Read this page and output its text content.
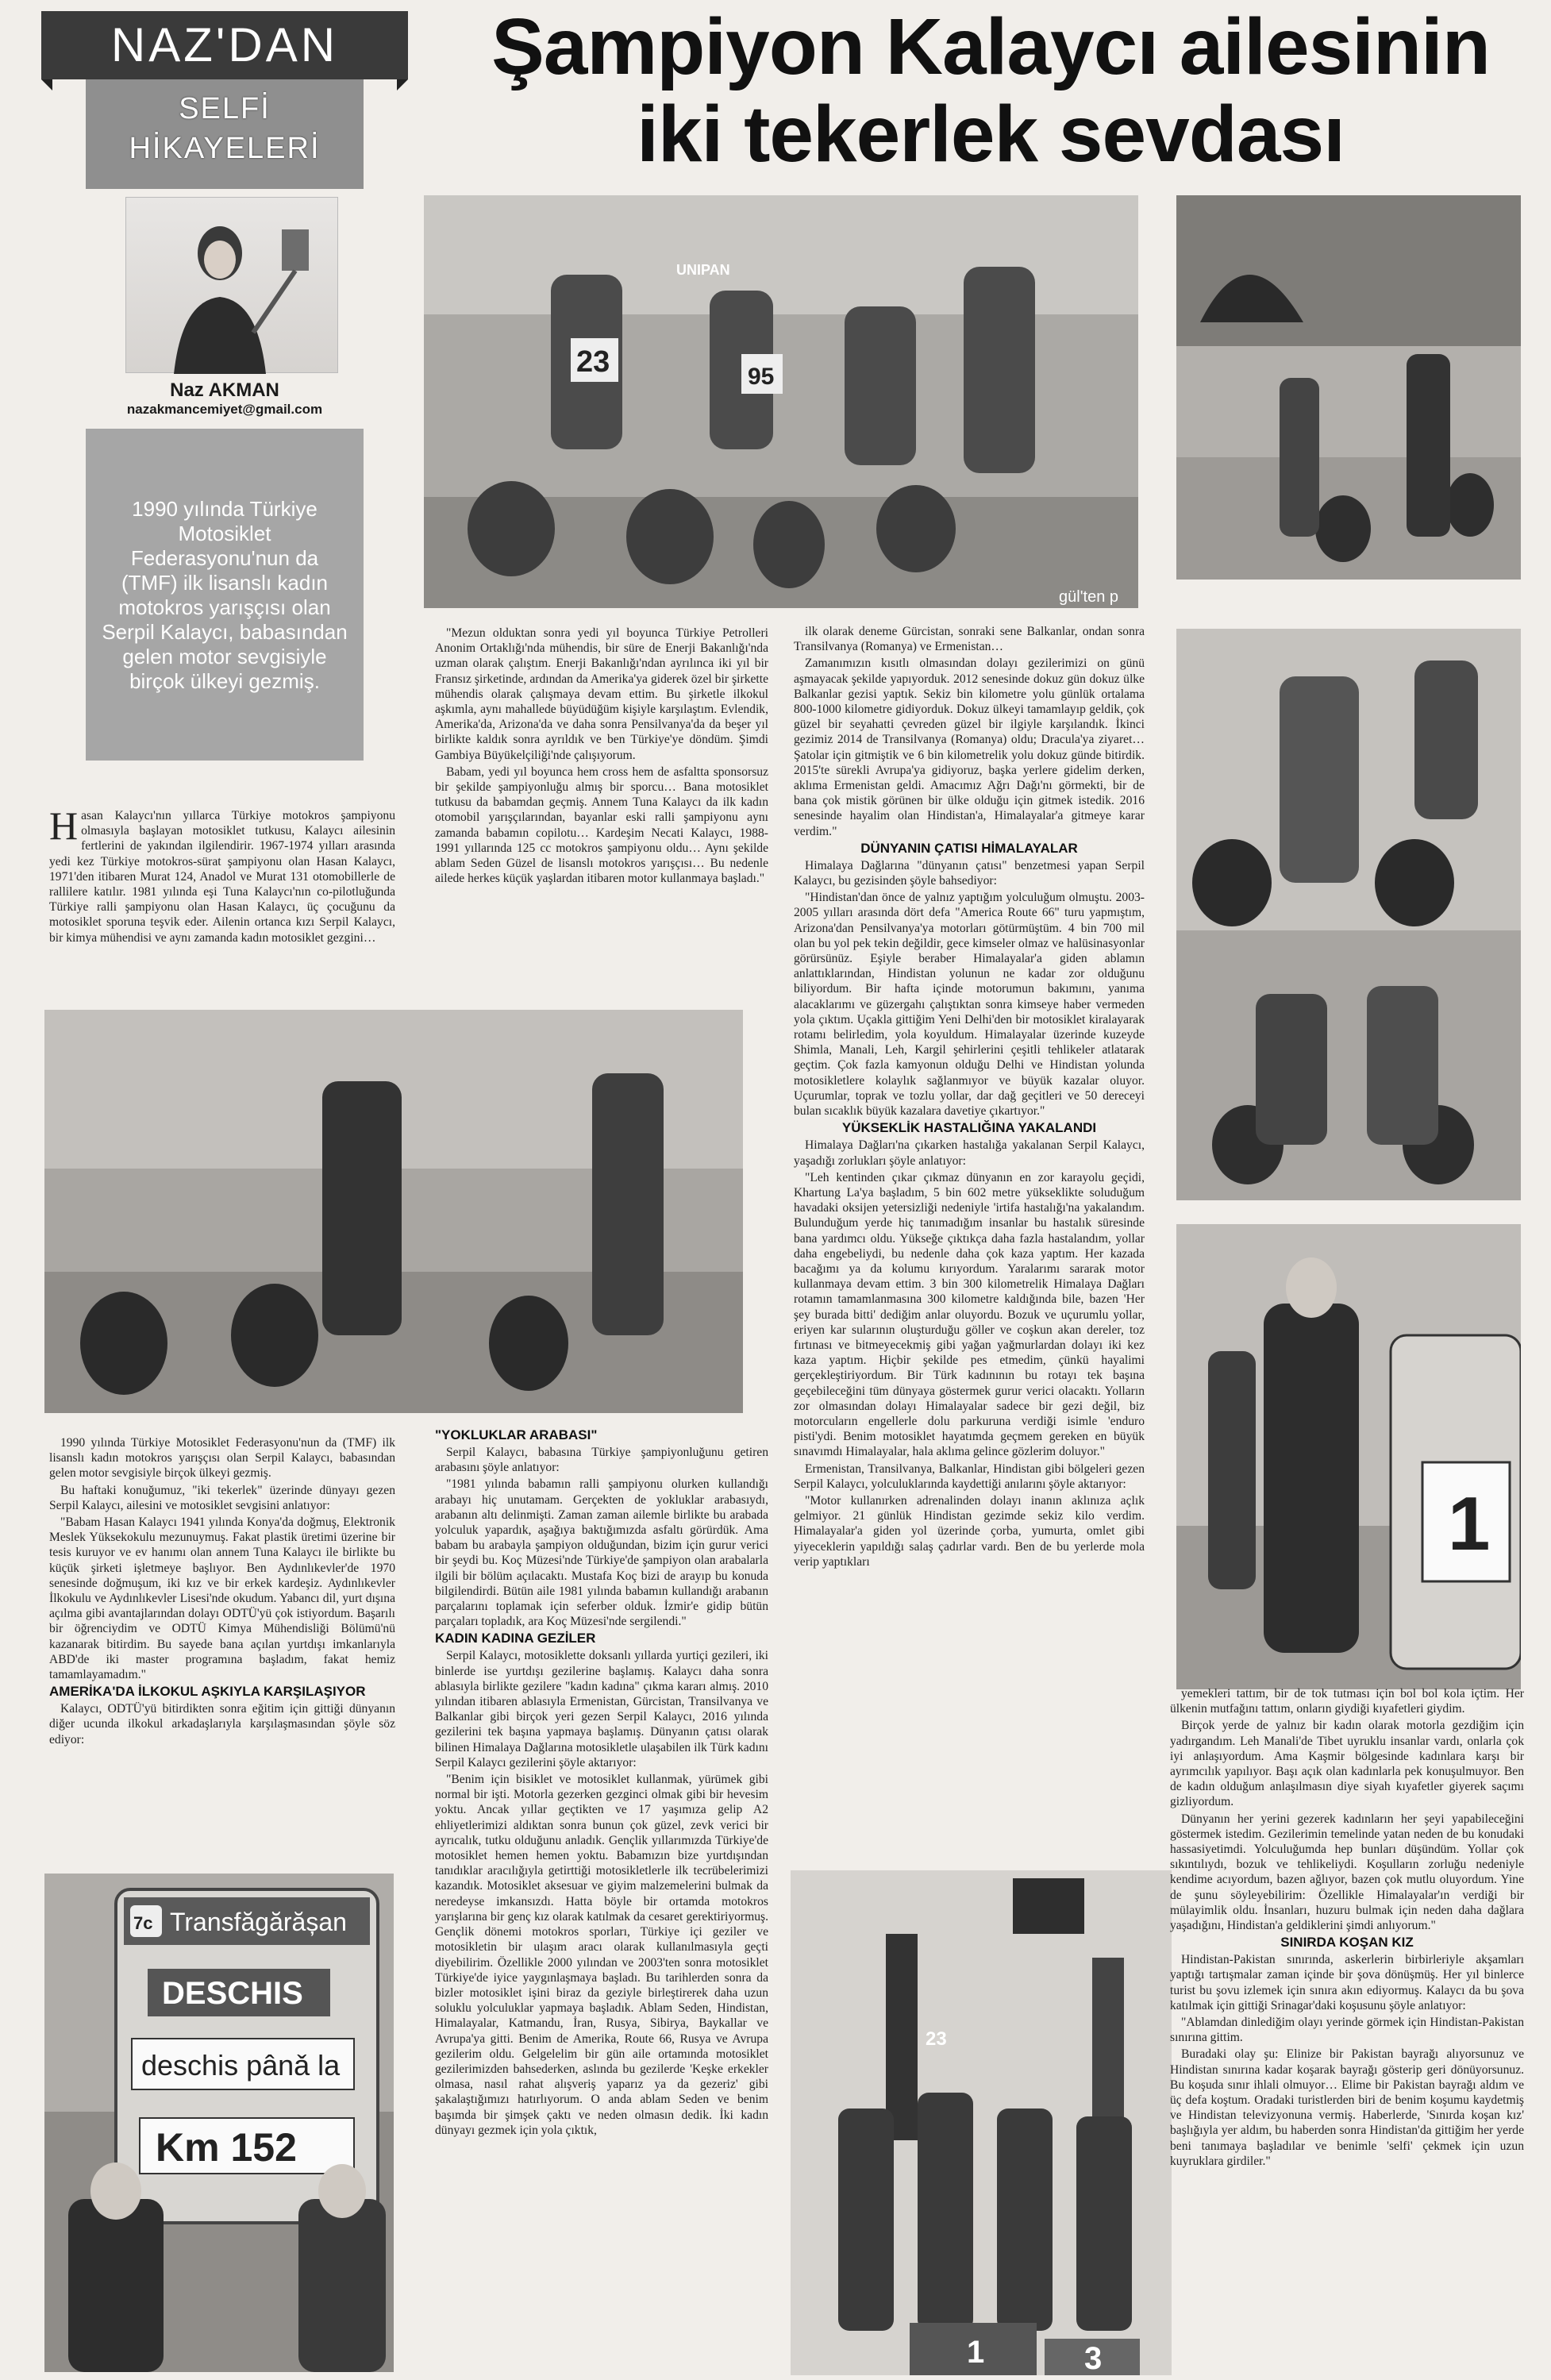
NAZ'DAN
SELFİ
HİKAYELERİ
Naz AKMAN
nazakmancemiyet@gmail.com
1990 yılında Türkiye Motosiklet Federasyonu'nun da (TMF) ilk lisanslı kadın motokros yarışçısı olan Serpil Kalaycı, babasından gelen motor sevgisiyle birçok ülkeyi gezmiş.
Şampiyon Kalaycı ailesinin
iki tekerlek sevdası
23
UNIPAN
95
gül'ten p
7c Transfăgărășan
DESCHIS
deschis pânǎ la
Km 152
23
1	3
1

Hasan Kalaycı'nın yıllarca Türkiye motokros şampiyonu olmasıyla başlayan motosiklet tutkusu, Kalaycı ailesinin fertlerini de yakından ilgilendirir. 1967-1974 yılları arasında yedi kez Türkiye motokros-sürat şampiyonu olan Hasan Kalaycı, 1971'den itibaren Murat 124, Anadol ve Murat 131 otomobillerle de rallilere katılır. 1981 yılında eşi Tuna Kalaycı'nın co-pilotluğunda Türkiye ralli şampiyonu olan Hasan Kalaycı, üç çocuğunu da motosiklet sporuna teşvik eder. Ailenin ortanca kızı Serpil Kalaycı, bir kimya mühendisi ve aynı zamanda kadın motosiklet gezgini…

1990 yılında Türkiye Motosiklet Federasyonu'nun da (TMF) ilk lisanslı kadın motokros yarışçısı olan Serpil Kalaycı, babasından gelen motor sevgisiyle birçok ülkeyi gezmiş.

Bu haftaki konuğumuz, "iki tekerlek" üzerinde dünyayı gezen Serpil Kalaycı, ailesini ve motosiklet sevgisini anlatıyor:

"Babam Hasan Kalaycı 1941 yılında Konya'da doğmuş, Elektronik Meslek Yüksekokulu mezunuymuş. Fakat plastik üretimi üzerine bir tesis kuruyor ve ev hanımı olan annem Tuna Kalaycı ile birlikte bu küçük şirketi işletmeye başlıyor. Ben Aydınlıkevler'de 1970 senesinde doğmuşum, iki kız ve bir erkek kardeşiz. Aydınlıkevler İlkokulu ve Aydınlıkevler Lisesi'nde okudum. Yabancı dil, yurt dışına açılma gibi avantajlarından dolayı ODTÜ'yü çok istiyordum. Başarılı bir öğrenciydim ve ODTÜ Kimya Mühendisliği Bölümü'nü kazanarak bitirdim. Bu sayede bana açılan yurtdışı imkanlarıyla ABD'de iki master programına başladım, fakat hemiz tamamlayamadım."

AMERİKA'DA İLKOKUL AŞKIYLA KARŞILAŞIYOR

Kalaycı, ODTÜ'yü bitirdikten sonra eğitim için gittiği dünyanın diğer ucunda ilkokul arkadaşlarıyla karşılaşmasından şöyle söz ediyor:

"Mezun olduktan sonra yedi yıl boyunca Türkiye Petrolleri Anonim Ortaklığı'nda mühendis, bir süre de Enerji Bakanlığı'nda uzman olarak çalıştım. Enerji Bakanlığı'ndan ayrılınca iki yıl bir Fransız şirketinde, ardından da Amerika'ya giderek özel bir şirkette mühendis olarak çalışmaya devam ettim. Bu şirketle ilkokul aşkımla, aynı mahallede büyüdüğüm kişiyle karşılaştım. Evlendik, Amerika'da, Arizona'da ve daha sonra Pensilvanya'da da beşer yıl birlikte kaldık sonra ayrıldık ve ben Türkiye'ye döndüm. Şimdi Gambiya Büyükelçiliği'nde çalışıyorum.

Babam, yedi yıl boyunca hem cross hem de asfaltta sponsorsuz bir şekilde şampiyonluğu almış bir sporcu… Bana motosiklet tutkusu da babamdan geçmiş. Annem Tuna Kalaycı da ilk kadın otomobil yarışçılarından, bayanlar eski ralli şampiyonu aynı zamanda babamın copilotu… Kardeşim Necati Kalaycı, 1988-1991 yıllarında 125 cc motokros şampiyonu oldu… Aynı şekilde ablam Seden Güzel de lisanslı motokros yarışçısı… Bu nedenle ailede herkes küçük yaşlardan itibaren motor kullanmaya başladı."

"YOKLUKLAR ARABASI"

Serpil Kalaycı, babasına Türkiye şampiyonluğunu getiren arabasını şöyle anlatıyor:

"1981 yılında babamın ralli şampiyonu olurken kullandığı arabayı hiç unutamam. Gerçekten de yokluklar arabasıydı, arabanın altı delinmişti. Zaman zaman ailemle birlikte bu arabada yolculuk yapardık, aşağıya baktığımızda asfaltı görürdük. Ama babam bu arabayla şampiyon olduğundan, bizim için gurur verici bir şeydi bu. Koç Müzesi'nde Türkiye'de şampiyon olan arabalarla ilgili bir bölüm açılacaktı. Mustafa Koç bizi de arayıp bu konuda bilgilendirdi. Bütün aile 1981 yılında babamın kullandığı arabanın parçalarını toplamak için seferber olduk. İzmir'e gidip bütün parçaları topladık, ara Koç Müzesi'nde sergilendi."

KADIN KADINA GEZİLER

Serpil Kalaycı, motosiklette doksanlı yıllarda yurtiçi gezileri, iki binlerde ise yurtdışı gezilerine başlamış. Kalaycı daha sonra ablasıyla birlikte gezilere "kadın kadına" çıkma kararı almış. 2010 yılından itibaren ablasıyla Ermenistan, Gürcistan, Transilvanya ve Balkanlar gibi birçok yeri gezen Serpil Kalaycı, 2016 yılında gezilerini tek başına yapmaya başlamış. Dünyanın çatısı olarak bilinen Himalaya Dağlarına motosikletle ulaşabilen ilk Türk kadını Serpil Kalaycı gezilerini şöyle aktarıyor:

"Benim için bisiklet ve motosiklet kullanmak, yürümek gibi normal bir işti. Motorla gezerken gezginci olmak gibi bir hevesim yoktu. Ancak yıllar geçtikten ve 17 yaşımıza gelip A2 ehliyetlerimizi aldıktan sonra bunun çok güzel, zevk verici bir ayrıcalık, tutku olduğunu anladık. Gençlik yıllarımızda Türkiye'de motosiklet hemen hemen yoktu. Babamızın bize yurtdışından tanıdıklar aracılığıyla getirttiği motosikletlerle ilk tecrübelerimizi kazandık. Motosiklet aksesuar ve giyim malzemelerini bulmak da neredeyse imkansızdı. Hatta böyle bir ortamda motokros yarışlarına bir genç kız olarak katılmak da cesaret gerektiriyormuş. Gençlik dönemi motokros sporları, Türkiye içi geziler ve motosikletin bir ulaşım aracı olarak kullanılmasıyla geçti diyebilirim. Özellikle 2000 yılından ve 2003'ten sonra motosiklet Türkiye'de iyice yaygınlaşmaya başladı. Bu tarihlerden sonra da bizler motosiklet işini biraz da geziyle birleştirerek daha uzun soluklu yolculuklar yapmaya başladık. Ablam Seden, Hindistan, Himalayalar, Katmandu, İran, Rusya, Sibirya, Baykallar ve Avrupa'ya gitti. Benim de Amerika, Route 66, Rusya ve Avrupa gezilerim oldu. Gelgelelim bir gün aile ortamında motosiklet gezilerimizden bahsederken, aslında bu gezilerde 'Keşke erkekler olmasa, nasıl rahat alışveriş yaparız ya da gezeriz' gibi şakalaştığımızı hatırlıyorum. O anda ablam Seden ve benim başımda bir şimşek çaktı ve neden olmasın dedik. İki kadın dünyayı gezmek için yola çıktık,

ilk olarak deneme Gürcistan, sonraki sene Balkanlar, ondan sonra Transilvanya (Romanya) ve Ermenistan…

Zamanımızın kısıtlı olmasından dolayı gezilerimizi on günü aşmayacak şekilde yapıyorduk. 2012 senesinde dokuz gün dokuz ülke Balkanlar gezisi yaptık. Sekiz bin kilometre yolu günlük ortalama 800-1000 kilometre gidiyorduk. Dokuz ülkeyi tamamlayıp geldik, çok güzel bir seyahatti çevreden güzel bir ilgiyle karşılandık. İkinci gezimiz 2014 de Transilvanya (Romanya) oldu; Dracula'ya ziyaret… Şatolar için gitmiştik ve 6 bin kilometrelik yolu dokuz günde bitirdik. 2015'te sürekli Avrupa'ya gidiyoruz, başka yerlere gidelim derken, aklıma Ermenistan geldi. Amacımız Ağrı Dağı'nı görmekti, bir de bana çok mistik görünen bir ülke olduğu için gitmek istedik. 2016 senesinde hayalim olan Hindistan'a, Himalayalar'a gitmeye karar verdim."

DÜNYANIN ÇATISI HİMALAYALAR

Himalaya Dağlarına "dünyanın çatısı" benzetmesi yapan Serpil Kalaycı, bu gezisinden şöyle bahsediyor:

"Hindistan'dan önce de yalnız yaptığım yolculuğum olmuştu. 2003-2005 yılları arasında dört defa "America Route 66" turu yapmıştım, Arizona'dan Pensilvanya'ya motorları götürmüştüm. 4 bin 700 mil olan bu yol pek tekin değildir, gece kimseler olmaz ve halüsinasyonlar görürsünüz. Eşiyle beraber Himalayalar'a giden ablamın anlattıklarından, Hindistan yolunun ne kadar zor olduğunu biliyordum. Bir hafta içinde motorumun bakımını, yanıma alacaklarımı ve güzergahı çalıştıktan sonra kimseye haber vermeden yola çıktım. Uçakla gittiğim Yeni Delhi'den bir motosiklet kiralayarak rotamı belirledim, yola koyuldum. Himalayalar üzerinde kuzeyde Shimla, Manali, Leh, Kargil şehirlerini çeşitli tehlikeler atlatarak geçtim. Çok fazla kamyonun olduğu Delhi ve Hindistan yolunda motosikletlere kolaylık sağlanmıyor ve büyük kazalar oluyor. Uçurumlar, toprak ve tozlu yollar, dar dağ geçitleri ve 50 dereceyi bulan sıcaklık büyük kazalara davetiye çıkartıyor."

YÜKSEKLİK HASTALIĞINA YAKALANDI

Himalaya Dağları'na çıkarken hastalığa yakalanan Serpil Kalaycı, yaşadığı zorlukları şöyle anlatıyor:

"Leh kentinden çıkar çıkmaz dünyanın en zor karayolu geçidi, Khartung La'ya başladım, 5 bin 602 metre yükseklikte soluduğum havadaki oksijen yetersizliği nedeniyle 'irtifa hastalığı'na yakalandım. Bulunduğum yerde hiç tanımadığım insanlar bu hastalık süresinde bana yardımcı oldu. Yükseğe çıktıkça daha fazla hastalandım, yollar daha engebeliydi, bu nedenle daha çok kaza yaptım. Her kazada bacağımı ya da kolumu kırıyordum. Yaralarımı sararak motor kullanmaya devam ettim. 3 bin 300 kilometrelik Himalaya Dağları rotamın tamamlanmasına 300 kilometre kaldığında bile, bazen 'Her şey burada bitti' dediğim anlar oluyordu. Bozuk ve uçurumlu yollar, eriyen kar sularının oluşturduğu göller ve coşkun akan dereler, toz fırtınası ve bitmeyecekmiş gibi yağan yağmurlardan dolayı iki kez kaza yaptım. Hiçbir şekilde pes etmedim, çünkü hayalimi gerçekleştiriyordum. Bir Türk kadınının bu rotayı tek başına geçebileceğini tüm dünyaya göstermek gurur verici olacaktı. Yolların zor olmasından dolayı Himalayalar sadece bir gezi değil, biz motorcuların engellerle dolu parkuruna verdiği isimle 'enduro pisti'ydi. Benim motosiklet hayatımda geçmem gereken en büyük sınavımdı Himalayalar, hala aklıma gelince gözlerim doluyor."

Ermenistan, Transilvanya, Balkanlar, Hindistan gibi bölgeleri gezen Serpil Kalaycı, yolculuklarında kaydettiği anılarını şöyle aktarıyor:

"Motor kullanırken adrenalinden dolayı inanın aklınıza açlık gelmiyor. 21 günlük Hindistan gezimde sekiz kilo verdim. Himalayalar'a giden yol üzerinde çorba, yumurta, omlet gibi yiyeceklerin yapıldığı salaş çadırlar vardı. Ben de bu yerlerde mola verip yaptıkları

yemekleri tattım, bir de tok tutması için bol bol kola içtim. Her ülkenin mutfağını tattım, onların giydiği kıyafetleri giydim.

Birçok yerde de yalnız bir kadın olarak motorla gezdiğim için yadırgandım. Leh Manali'de Tibet uyruklu insanlar vardı, onlarla çok iyi anlaşıyordum. Ama Kaşmir bölgesinde kadınlara karşı bir ayrımcılık yapılıyor. Başı açık olan kadınlarla pek konuşulmuyor. Ben de kadın olduğum anlaşılmasın diye siyah kıyafetler giyerek saçımı gizliyordum.

Dünyanın her yerini gezerek kadınların her şeyi yapabileceğini göstermek istedim. Gezilerimin temelinde yatan neden de bu konudaki hassasiyetimdi. Yolculuğumda hep bunları düşündüm. Yollar çok sıkıntılıydı, bozuk ve tehlikeliydi. Koşulların zorluğu nedeniyle kendime acıyordum, bazen ağlıyor, bazen çok mutlu oluyordum. Yine de şunu söyleyebilirim: Özellikle Himalayalar'ın verdiği bir mülayimlik oldu. İnsanları, huzuru bulmak için neden daha dağlara yaşadığını, Hindistan'a geldiklerini şimdi anlıyorum."

SINIRDA KOŞAN KIZ

Hindistan-Pakistan sınırında, askerlerin birbirleriyle akşamları yaptığı tartışmalar zaman içinde bir şova dönüşmüş. Her yıl binlerce turist bu şovu izlemek için sınıra akın ediyormuş. Kalaycı da bu şova katılmak için gittiği Srinagar'daki koşusunu şöyle anlatıyor:

"Ablamdan dinlediğim olayı yerinde görmek için Hindistan-Pakistan sınırına gittim.

Buradaki olay şu: Elinize bir Pakistan bayrağı alıyorsunuz ve Hindistan sınırına kadar koşarak bayrağı gösterip geri dönüyorsunuz. Bu koşuda sınır ihlali olmuyor… Elime bir Pakistan bayrağı aldım ve üç defa koştum. Oradaki turistlerden biri de benim koşumu kaydetmiş ve Hindistan televizyonuna vermiş. Haberlerde, 'Sınırda koşan kız' başlığıyla yer aldım, bu haberden sonra Hindistan'da gittiğim her yerde beni tanımaya başladılar ve benimle 'selfi' çekmek için uzun kuyruklara girdiler."
